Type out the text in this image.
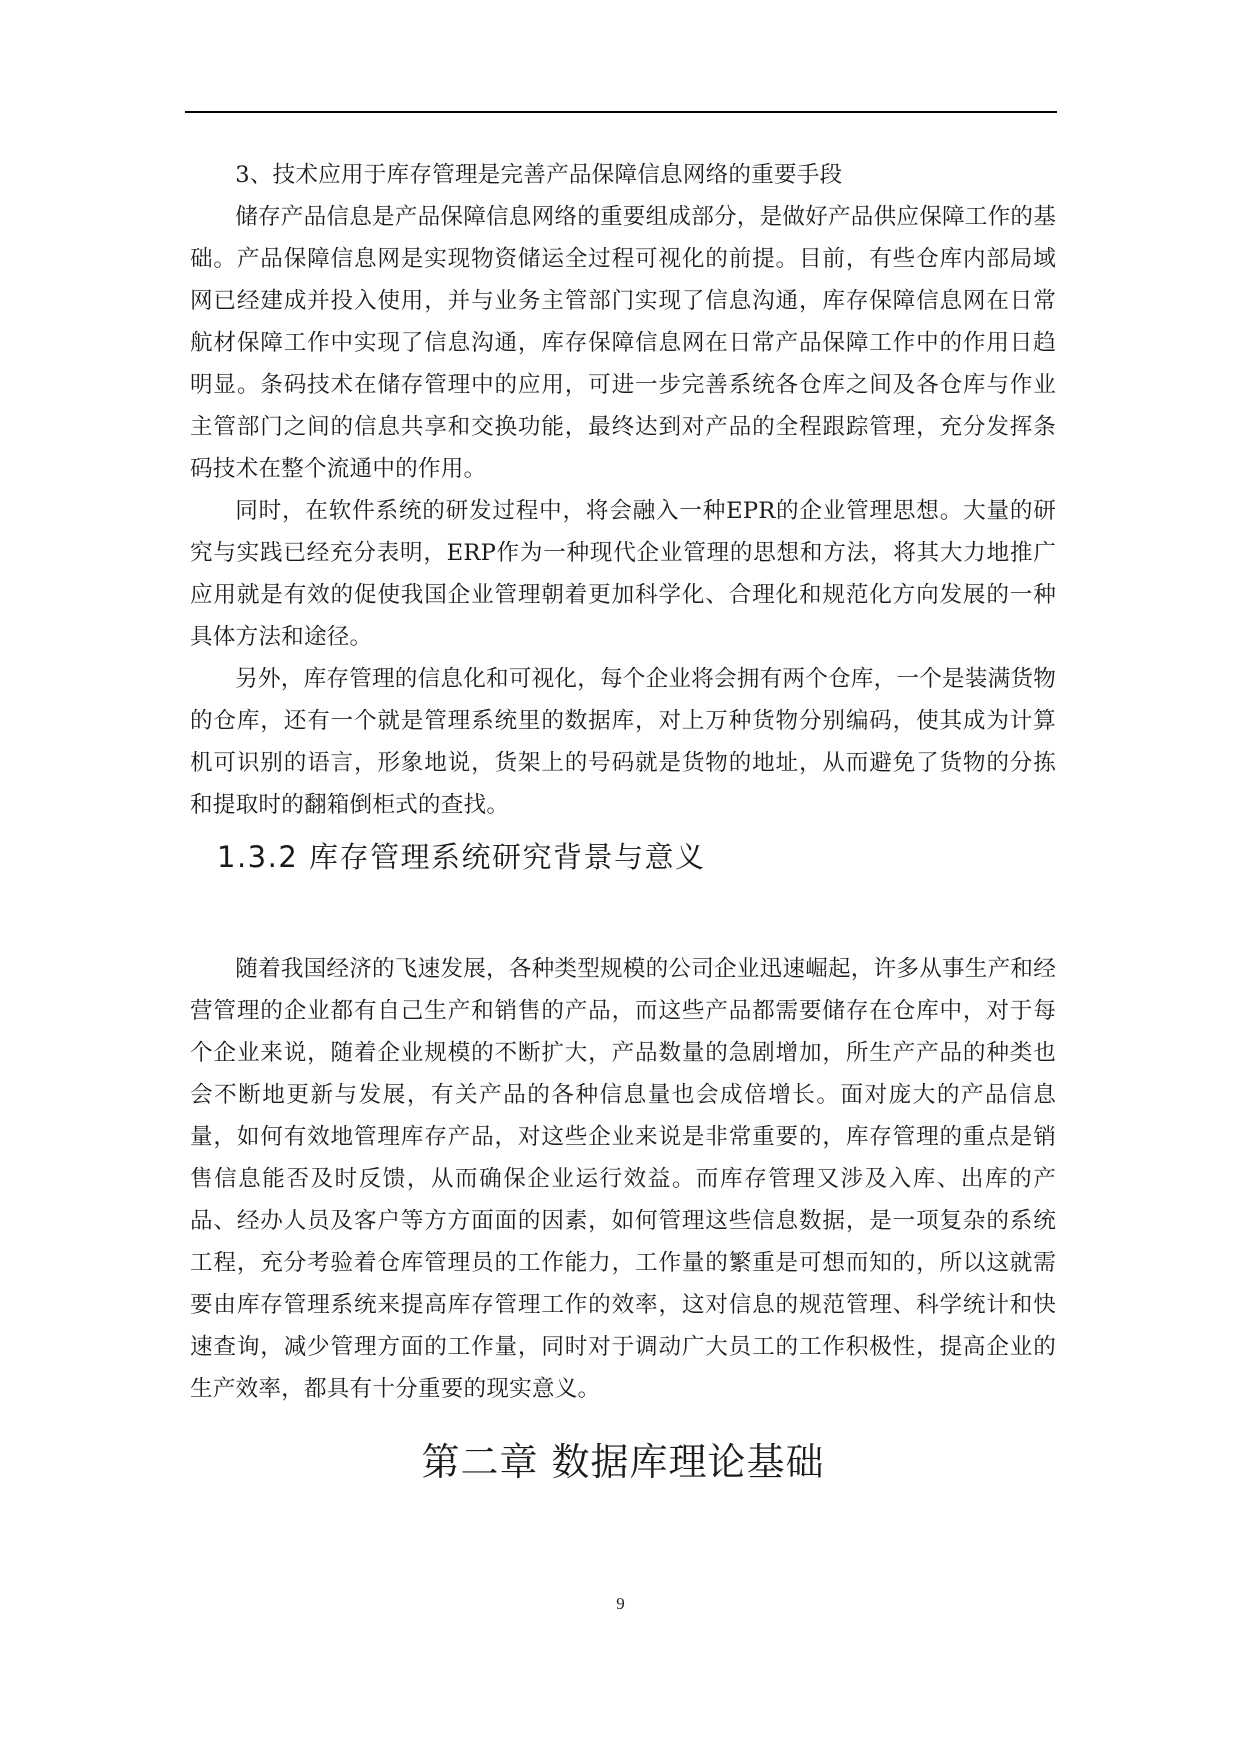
3、技术应用于库存管理是完善产品保障信息网络的重要手段

储存产品信息是产品保障信息网络的重要组成部分，是做好产品供应保障工作的基础。产品保障信息网是实现物资储运全过程可视化的前提。目前，有些仓库内部局域网已经建成并投入使用，并与业务主管部门实现了信息沟通，库存保障信息网在日常航材保障工作中实现了信息沟通，库存保障信息网在日常产品保障工作中的作用日趋明显。条码技术在储存管理中的应用，可进一步完善系统各仓库之间及各仓库与作业主管部门之间的信息共享和交换功能，最终达到对产品的全程跟踪管理，充分发挥条码技术在整个流通中的作用。

同时，在软件系统的研发过程中，将会融入一种EPR的企业管理思想。大量的研究与实践已经充分表明，ERP作为一种现代企业管理的思想和方法，将其大力地推广应用就是有效的促使我国企业管理朝着更加科学化、合理化和规范化方向发展的一种具体方法和途径。

另外，库存管理的信息化和可视化，每个企业将会拥有两个仓库，一个是装满货物的仓库，还有一个就是管理系统里的数据库，对上万种货物分别编码，使其成为计算机可识别的语言，形象地说，货架上的号码就是货物的地址，从而避免了货物的分拣和提取时的翻箱倒柜式的查找。

1.3.2 库存管理系统研究背景与意义

随着我国经济的飞速发展，各种类型规模的公司企业迅速崛起，许多从事生产和经营管理的企业都有自己生产和销售的产品，而这些产品都需要储存在仓库中，对于每个企业来说，随着企业规模的不断扩大，产品数量的急剧增加，所生产产品的种类也会不断地更新与发展，有关产品的各种信息量也会成倍增长。面对庞大的产品信息量，如何有效地管理库存产品，对这些企业来说是非常重要的，库存管理的重点是销售信息能否及时反馈，从而确保企业运行效益。而库存管理又涉及入库、出库的产品、经办人员及客户等方方面面的因素，如何管理这些信息数据，是一项复杂的系统工程，充分考验着仓库管理员的工作能力，工作量的繁重是可想而知的，所以这就需要由库存管理系统来提高库存管理工作的效率，这对信息的规范管理、科学统计和快速查询，减少管理方面的工作量，同时对于调动广大员工的工作积极性，提高企业的生产效率，都具有十分重要的现实意义。

第二章 数据库理论基础
9
